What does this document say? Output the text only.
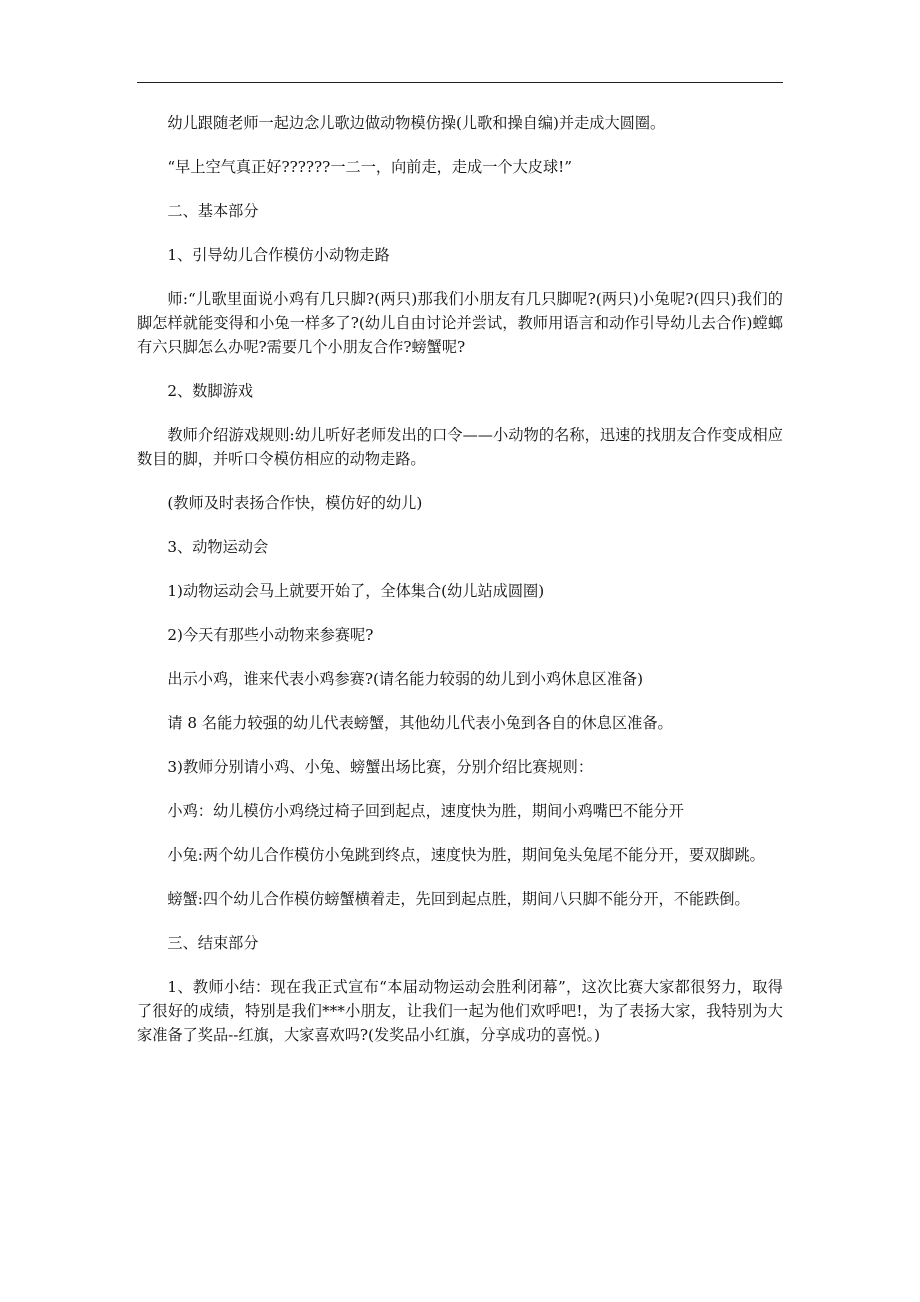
幼儿跟随老师一起边念儿歌边做动物模仿操(儿歌和操自编)并走成大圆圈。

“早上空气真正好??????一二一，向前走，走成一个大皮球!”

二、基本部分

1、引导幼儿合作模仿小动物走路

师:“儿歌里面说小鸡有几只脚?(两只)那我们小朋友有几只脚呢?(两只)小兔呢?(四只)我们的脚怎样就能变得和小兔一样多了?(幼儿自由讨论并尝试，教师用语言和动作引导幼儿去合作)螳螂有六只脚怎么办呢?需要几个小朋友合作?螃蟹呢?

2、数脚游戏

教师介绍游戏规则:幼儿听好老师发出的口令——小动物的名称，迅速的找朋友合作变成相应数目的脚，并听口令模仿相应的动物走路。

(教师及时表扬合作快，模仿好的幼儿)

3、动物运动会

1)动物运动会马上就要开始了，全体集合(幼儿站成圆圈)

2)今天有那些小动物来参赛呢?

出示小鸡，谁来代表小鸡参赛?(请名能力较弱的幼儿到小鸡休息区准备)

请 8 名能力较强的幼儿代表螃蟹，其他幼儿代表小兔到各自的休息区准备。

3)教师分别请小鸡、小兔、螃蟹出场比赛，分别介绍比赛规则：

小鸡：幼儿模仿小鸡绕过椅子回到起点，速度快为胜，期间小鸡嘴巴不能分开

小兔:两个幼儿合作模仿小兔跳到终点，速度快为胜，期间兔头兔尾不能分开，要双脚跳。

螃蟹:四个幼儿合作模仿螃蟹横着走，先回到起点胜，期间八只脚不能分开，不能跌倒。

三、结束部分

1、教师小结：现在我正式宣布“本届动物运动会胜利闭幕”，这次比赛大家都很努力，取得了很好的成绩，特别是我们***小朋友，让我们一起为他们欢呼吧!，为了表扬大家，我特别为大家准备了奖品--红旗，大家喜欢吗?(发奖品小红旗，分享成功的喜悦。)
